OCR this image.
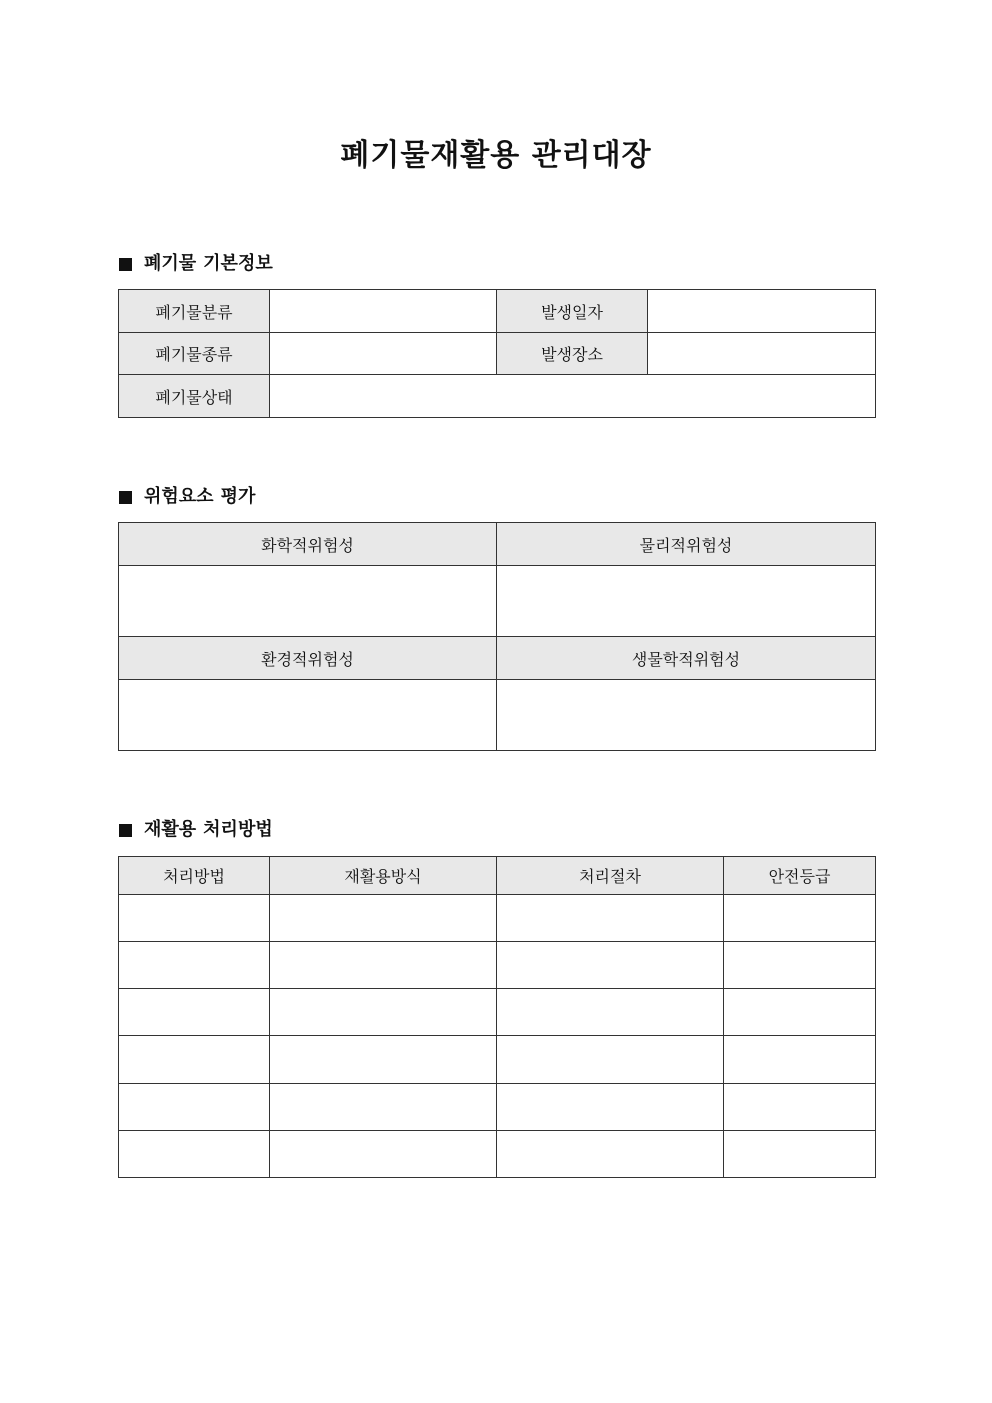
폐기물재활용 관리대장
폐기물 기본정보
폐기물분류		발생일자	
폐기물종류		발생장소	
폐기물상태			
위험요소 평가
화학적위험성	물리적위험성

환경적위험성	생물학적위험성

재활용 처리방법
처리방법	재활용방식	처리절차	안전등급
